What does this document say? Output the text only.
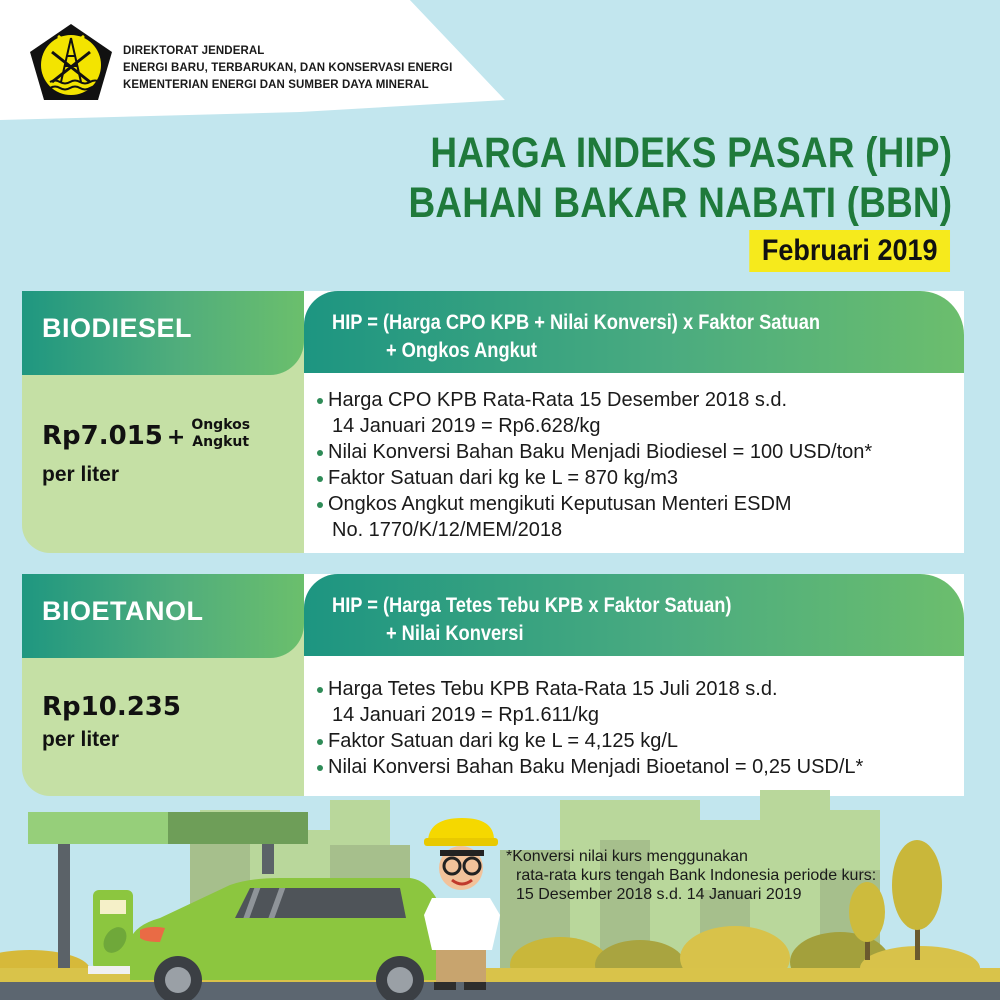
DIREKTORAT JENDERAL
ENERGI BARU, TERBARUKAN, DAN KONSERVASI ENERGI
KEMENTERIAN ENERGI DAN SUMBER DAYA MINERAL
HARGA INDEKS PASAR (HIP)
BAHAN BAKAR NABATI (BBN)
Februari 2019
Harga CPO KPB Rata-Rata 15 Desember 2018 s.d.
14 Januari 2019 = Rp6.628/kg
Nilai Konversi Bahan Baku Menjadi Biodiesel = 100 USD/ton*
Faktor Satuan dari kg ke L = 870 kg/m3
Ongkos Angkut mengikuti Keputusan Menteri ESDM
No. 1770/K/12/MEM/2018
BIODIESEL	HIP = (Harga CPO KPB + Nilai Konversi) x Faktor Satuan
+ Ongkos Angkut
Rp7.015 +Ongkos
Angkut
per liter
Harga Tetes Tebu KPB Rata-Rata 15 Juli 2018 s.d.
14 Januari 2019 = Rp1.611/kg
Faktor Satuan dari kg ke L = 4,125 kg/L
Nilai Konversi Bahan Baku Menjadi Bioetanol = 0,25 USD/L*
BIOETANOL	HIP = (Harga Tetes Tebu KPB x Faktor Satuan)
+ Nilai Konversi
Rp10.235
per liter
*Konversi nilai kurs menggunakan
rata-rata kurs tengah Bank Indonesia periode kurs:
15 Desember 2018 s.d. 14 Januari 2019
